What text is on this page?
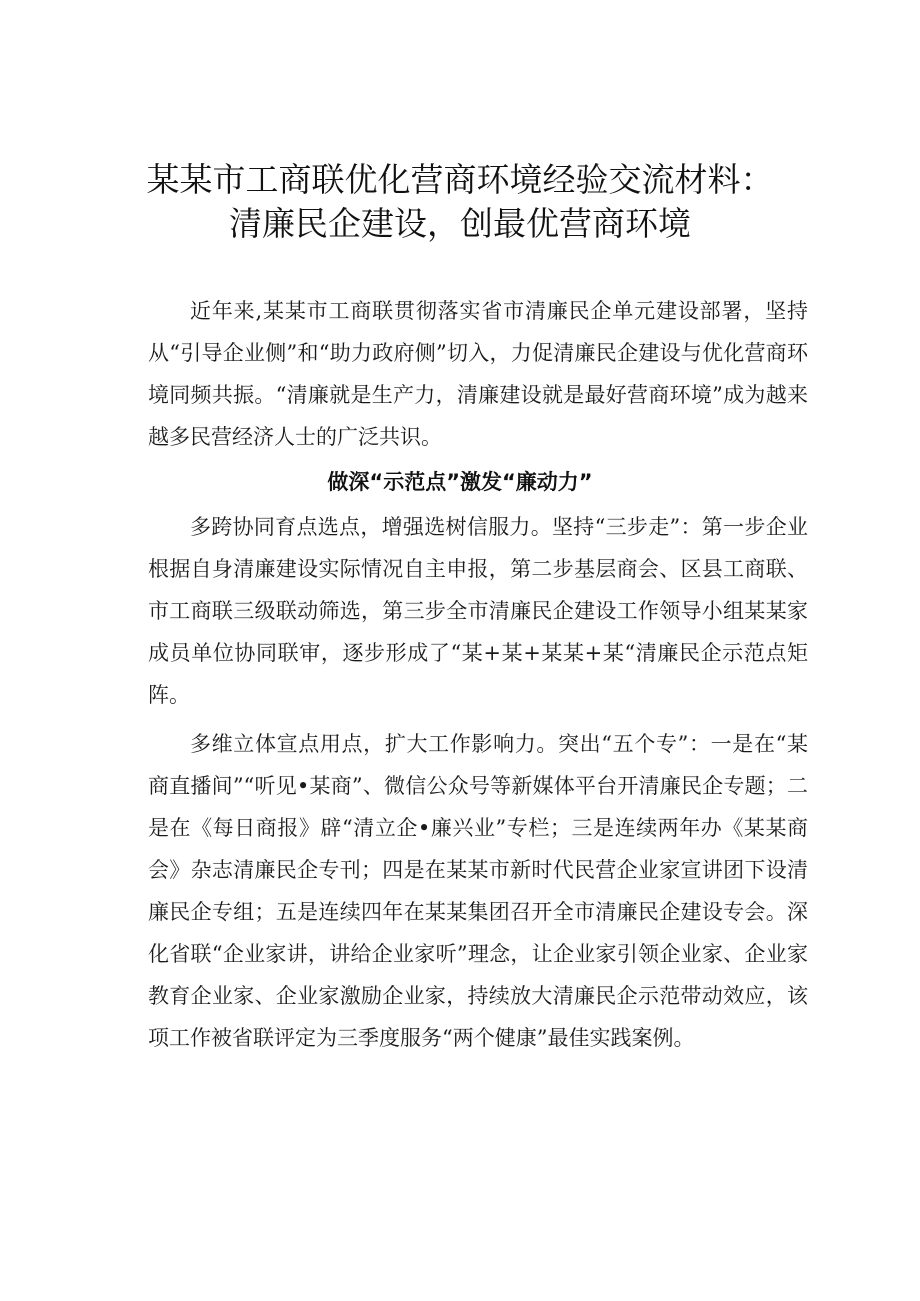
某某市工商联优化营商环境经验交流材料：
清廉民企建设，创最优营商环境

近年来,某某市工商联贯彻落实省市清廉民企单元建设部署，坚持从“引导企业侧”和“助力政府侧”切入，力促清廉民企建设与优化营商环境同频共振。“清廉就是生产力，清廉建设就是最好营商环境”成为越来越多民营经济人士的广泛共识。

做深“示范点”激发“廉动力”

多跨协同育点选点，增强选树信服力。坚持“三步走”：第一步企业根据自身清廉建设实际情况自主申报，第二步基层商会、区县工商联、市工商联三级联动筛选，第三步全市清廉民企建设工作领导小组某某家成员单位协同联审，逐步形成了“某+某+某某+某“清廉民企示范点矩阵。

多维立体宣点用点，扩大工作影响力。突出“五个专”：一是在“某商直播间”“听见•某商”、微信公众号等新媒体平台开清廉民企专题；二是在《每日商报》辟“清立企•廉兴业”专栏；三是连续两年办《某某商会》杂志清廉民企专刊；四是在某某市新时代民营企业家宣讲团下设清廉民企专组；五是连续四年在某某集团召开全市清廉民企建设专会。深化省联“企业家讲，讲给企业家听”理念，让企业家引领企业家、企业家教育企业家、企业家激励企业家，持续放大清廉民企示范带动效应，该项工作被省联评定为三季度服务“两个健康”最佳实践案例。
